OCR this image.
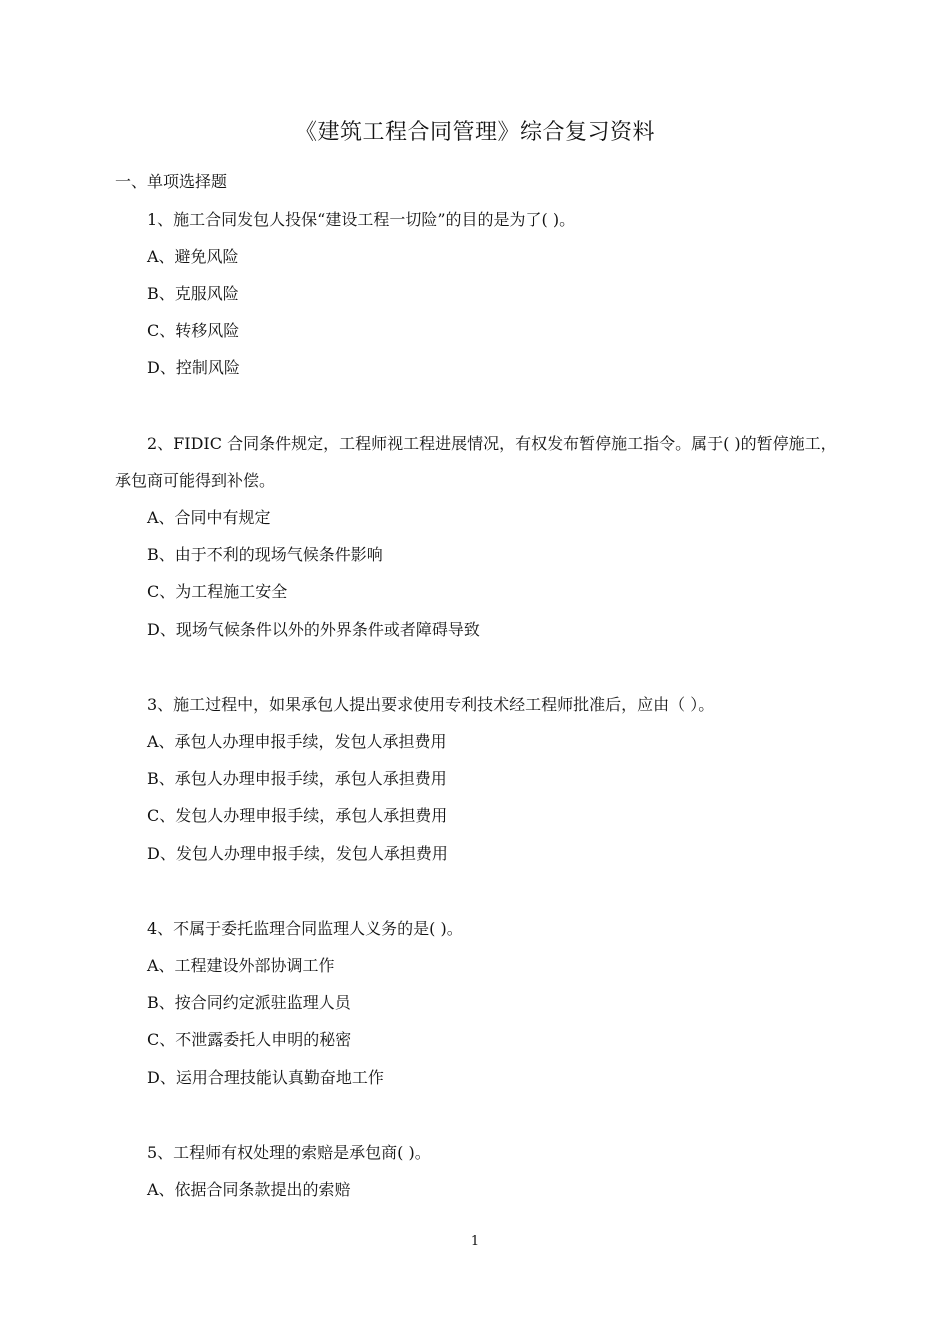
《建筑工程合同管理》综合复习资料
一、单项选择题
1、施工合同发包人投保“建设工程一切险”的目的是为了( )。
A、避免风险
B、克服风险
C、转移风险
D、控制风险
2、FIDIC 合同条件规定，工程师视工程进展情况，有权发布暂停施工指令。属于( )的暂停施工，
承包商可能得到补偿。
A、合同中有规定
B、由于不利的现场气候条件影响
C、为工程施工安全
D、现场气候条件以外的外界条件或者障碍导致
3、施工过程中，如果承包人提出要求使用专利技术经工程师批准后，应由（ ）。
A、承包人办理申报手续，发包人承担费用
B、承包人办理申报手续，承包人承担费用
C、发包人办理申报手续，承包人承担费用
D、发包人办理申报手续，发包人承担费用
4、不属于委托监理合同监理人义务的是( )。
A、工程建设外部协调工作
B、按合同约定派驻监理人员
C、不泄露委托人申明的秘密
D、运用合理技能认真勤奋地工作
5、工程师有权处理的索赔是承包商( )。
A、依据合同条款提出的索赔
1
